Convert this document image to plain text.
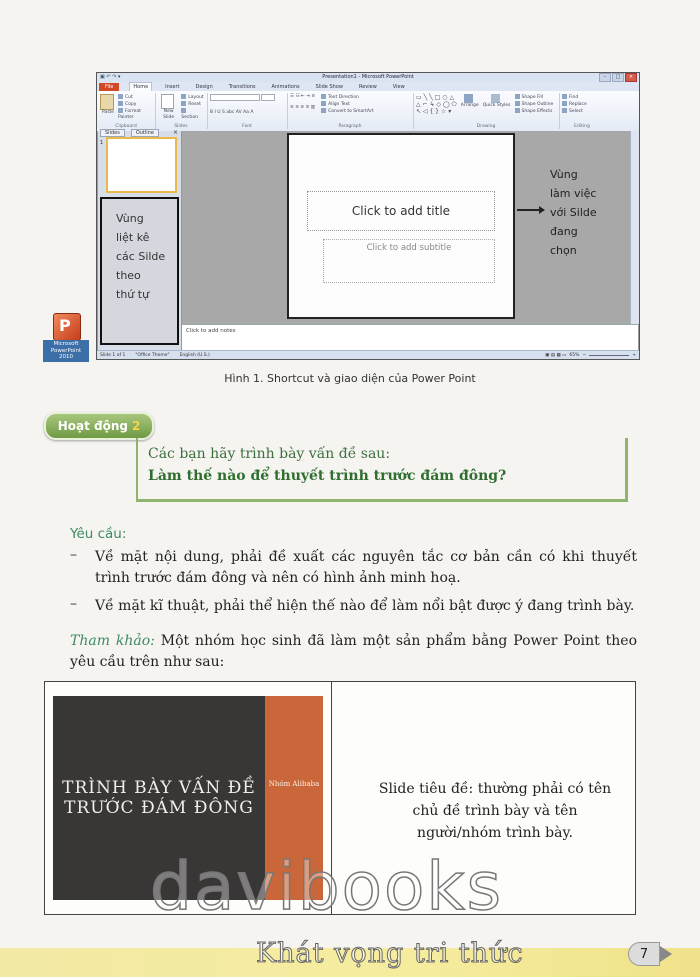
▣ ↶ ↷ ▾	Presentation1 - Microsoft PowerPoint	–	□	×
File	Home	Insert	Design	Transitions	Animations	Slide Show	Review	View

Paste
Cut
Copy
Format Painter
Clipboard

New Slide
Layout
Reset
Section
Slides

B I U S abc AV Aa A
Font
☰ ☷ ⇤ ⇥ ≡
≡ ≡ ≡ ≡ ▥
Text Direction
Align Text
Convert to SmartArt
Paragraph
▭ ╲ ╲ □ ○ △
△ ⌐ ↳ ◇ ◯ ⬠
↖ ◁ { } ☆ ▾

Arrange Quick Styles
Shape Fill
Shape Outline
Shape Effects
Drawing
Find
Replace
Select
Editing
Slides	Outline	×
1
Vùng
liệt kê
các Silde
theo
thứ tự
Click to add title
Click to add subtitle
Vùng
làm việc
với Silde
đang
chọn
Click to add notes
Slide 1 of 1 "Office Theme" English (U.S.)	▣ ▤ ▦ ▭ 65% −	+
P
Microsoft PowerPoint 2010
Hình 1. Shortcut và giao diện của Power Point
Hoạt động 2
Các bạn hãy trình bày vấn đề sau:
Làm thế nào để thuyết trình trước đám đông?
Yêu cầu:
– Về mặt nội dung, phải đề xuất các nguyên tắc cơ bản cần có khi thuyết trình trước đám đông và nên có hình ảnh minh hoạ.
– Về mặt kĩ thuật, phải thể hiện thế nào để làm nổi bật được ý đang trình bày.
Tham khảo: Một nhóm học sinh đã làm một sản phẩm bằng Power Point theo yêu cầu trên như sau:
TRÌNH BÀY VẤN ĐỀ
TRƯỚC ĐÁM ĐÔNG
Nhóm Alibaba	Slide tiêu đề: thường phải có tên chủ đề trình bày và tên người/nhóm trình bày.
davibooks
Khát vọng tri thức	7
